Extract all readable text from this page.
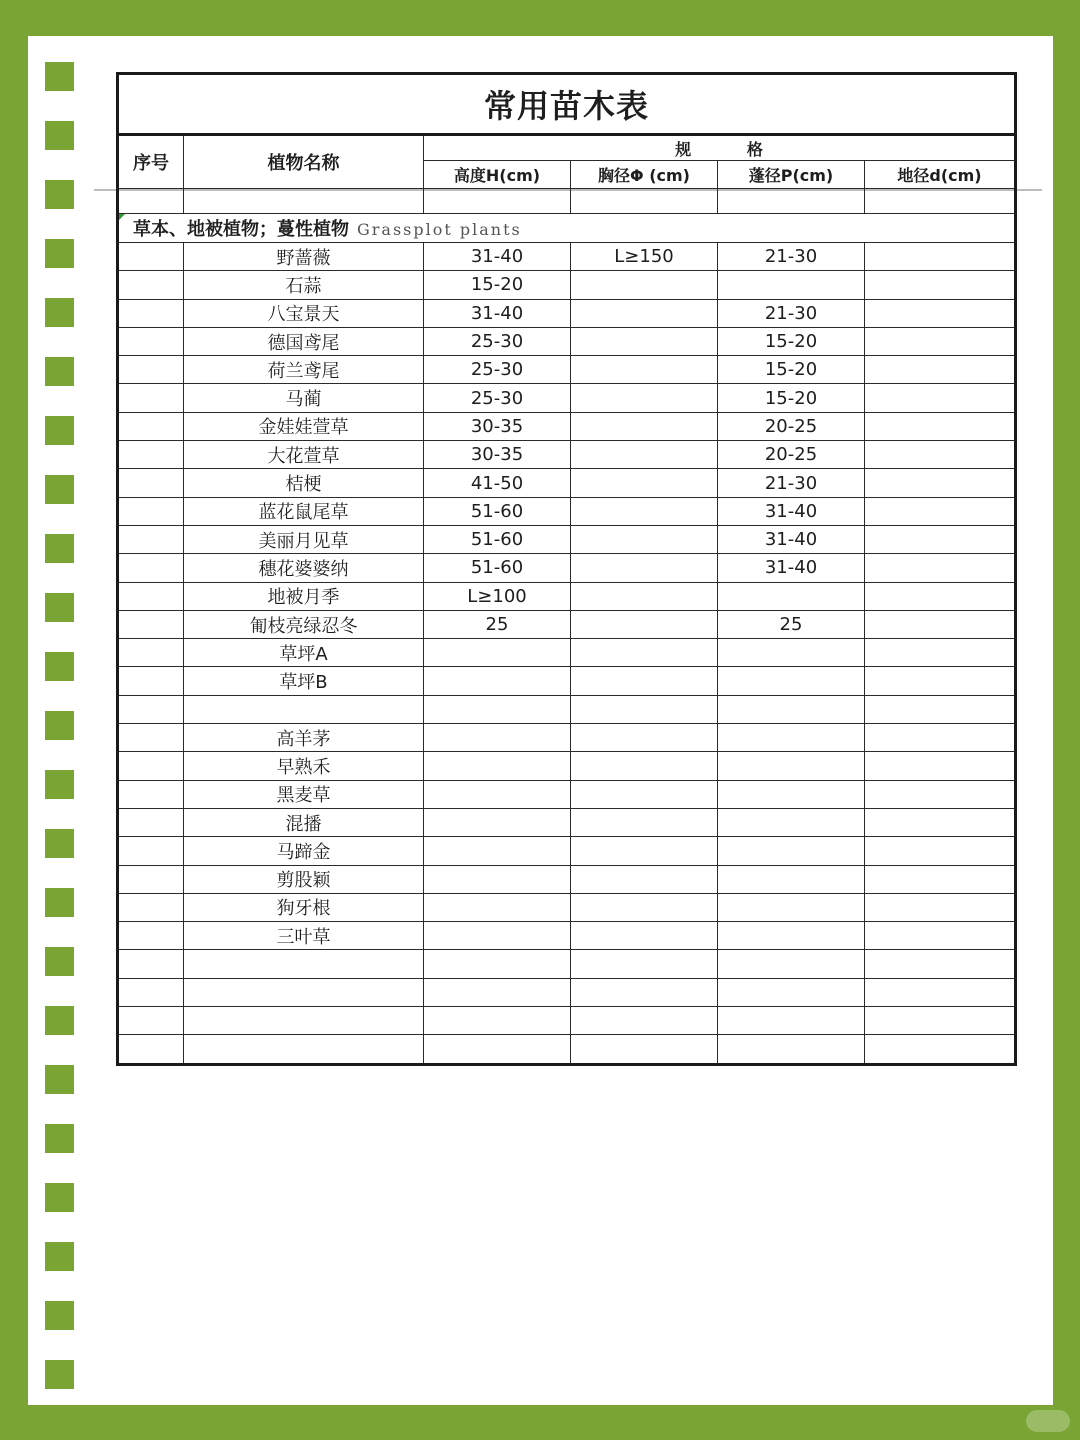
常用苗木表					
序号	植物名称	规          格			
		高度H(cm)	胸径Φ (cm)	蓬径P(cm)	地径d(cm)

草本、地被植物；蔓性植物 Grassplot plants					
	野蔷薇	31-40	L≥150	21-30	
	石蒜	15-20			
	八宝景天	31-40		21-30	
	德国鸢尾	25-30		15-20	
	荷兰鸢尾	25-30		15-20	
	马蔺	25-30		15-20	
	金娃娃萱草	30-35		20-25	
	大花萱草	30-35		20-25	
	桔梗	41-50		21-30	
	蓝花鼠尾草	51-60		31-40	
	美丽月见草	51-60		31-40	
	穗花婆婆纳	51-60		31-40	
	地被月季	L≥100			
	匍枝亮绿忍冬	25		25	
	草坪A				
	草坪B				

	高羊茅				
	早熟禾				
	黑麦草				
	混播				
	马蹄金				
	剪股颖				
	狗牙根				
	三叶草				
